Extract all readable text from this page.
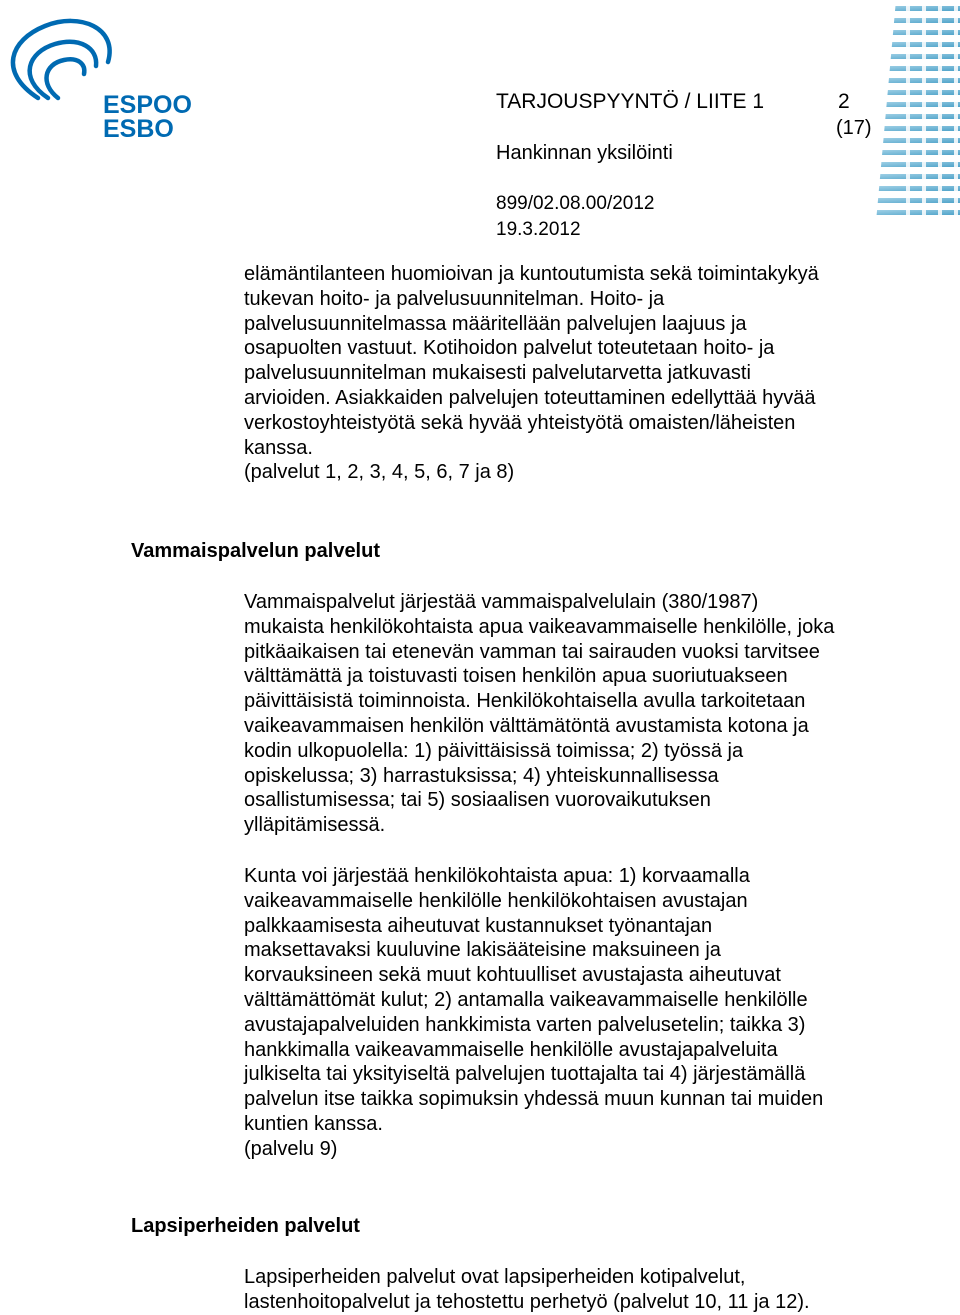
ESPOO
ESBO
TARJOUSPYYNTÖ / LIITE 1	2
(17)
Hankinnan yksilöinti
899/02.08.00/2012
19.3.2012

elämäntilanteen huomioivan ja kuntoutumista sekä toimintakykyä
tukevan hoito- ja palvelusuunnitelman. Hoito- ja
palvelusuunnitelmassa määritellään palvelujen laajuus ja
osapuolten vastuut. Kotihoidon palvelut toteutetaan hoito- ja
palvelusuunnitelman mukaisesti palvelutarvetta jatkuvasti
arvioiden. Asiakkaiden palvelujen toteuttaminen edellyttää hyvää
verkostoyhteistyötä sekä hyvää yhteistyötä omaisten/läheisten
kanssa.
(palvelut 1, 2, 3, 4, 5, 6, 7 ja 8)

Vammaispalvelun palvelut

Vammaispalvelut järjestää vammaispalvelulain (380/1987)
mukaista henkilökohtaista apua vaikeavammaiselle henkilölle, joka
pitkäaikaisen tai etenevän vamman tai sairauden vuoksi tarvitsee
välttämättä ja toistuvasti toisen henkilön apua suoriutuakseen
päivittäisistä toiminnoista. Henkilökohtaisella avulla tarkoitetaan
vaikeavammaisen henkilön välttämätöntä avustamista kotona ja
kodin ulkopuolella: 1) päivittäisissä toimissa; 2) työssä ja
opiskelussa; 3) harrastuksissa; 4) yhteiskunnallisessa
osallistumisessa; tai 5) sosiaalisen vuorovaikutuksen
ylläpitämisessä.

Kunta voi järjestää henkilökohtaista apua: 1) korvaamalla
vaikeavammaiselle henkilölle henkilökohtaisen avustajan
palkkaamisesta aiheutuvat kustannukset työnantajan
maksettavaksi kuuluvine lakisääteisine maksuineen ja
korvauksineen sekä muut kohtuulliset avustajasta aiheutuvat
välttämättömät kulut; 2) antamalla vaikeavammaiselle henkilölle
avustajapalveluiden hankkimista varten palvelusetelin; taikka 3)
hankkimalla vaikeavammaiselle henkilölle avustajapalveluita
julkiselta tai yksityiseltä palvelujen tuottajalta tai 4) järjestämällä
palvelun itse taikka sopimuksin yhdessä muun kunnan tai muiden
kuntien kanssa.
(palvelu 9)

Lapsiperheiden palvelut

Lapsiperheiden palvelut ovat lapsiperheiden kotipalvelut,
lastenhoitopalvelut ja tehostettu perhetyö (palvelut 10, 11 ja 12).
